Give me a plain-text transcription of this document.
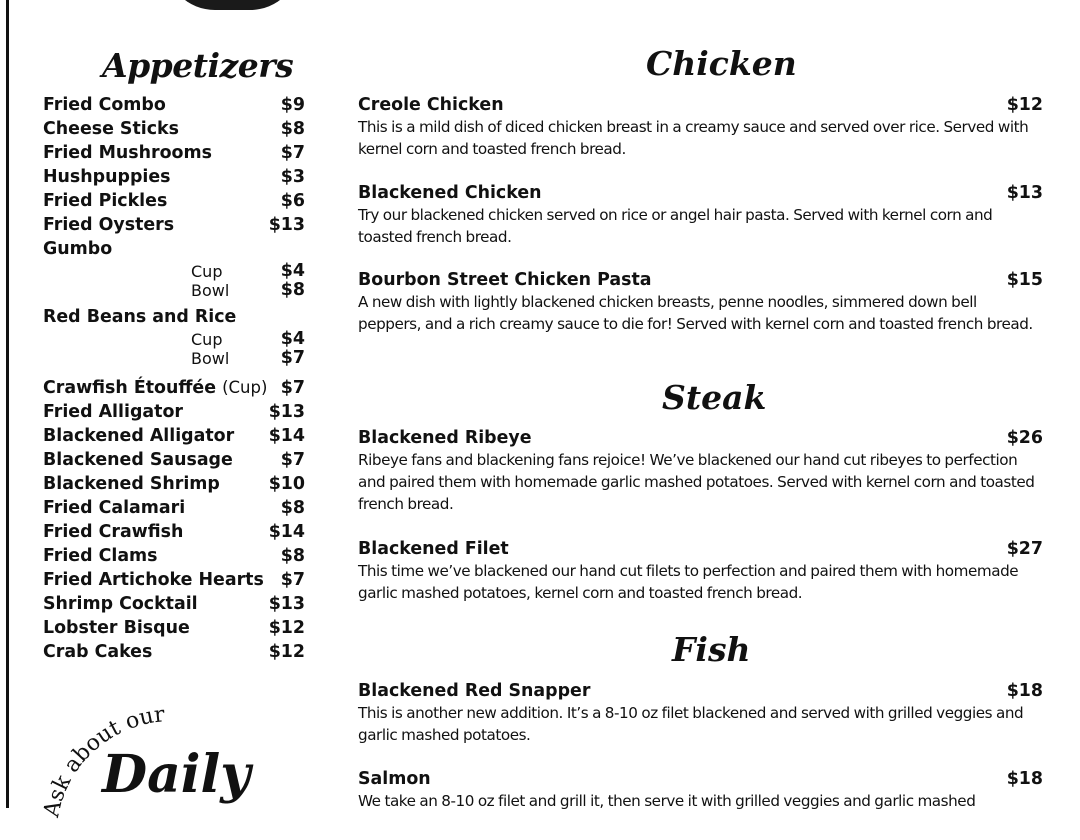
Appetizers
Fried Combo	$9
Cheese Sticks	$8
Fried Mushrooms	$7
Hushpuppies	$3
Fried Pickles	$6
Fried Oysters	$13
Gumbo
Cup	$4
Bowl	$8
Red Beans and Rice
Cup	$4
Bowl	$7
Crawfish Étouffée (Cup) $7
Fried Alligator	$13
Blackened Alligator $14
Blackened Sausage	$7
Blackened Shrimp	$10
Fried Calamari	$8
Fried Crawfish	$14
Fried Clams	$8
Fried Artichoke Hearts $7
Shrimp Cocktail	$13
Lobster Bisque	$12
Crab Cakes	$12
Ask about our
Daily
Chicken
Creole Chicken	$12

This is a mild dish of diced chicken breast in a creamy sauce and served over rice. Served with kernel corn and toasted french bread.

Blackened Chicken	$13

Try our blackened chicken served on rice or angel hair pasta. Served with kernel corn and toasted french bread.

Bourbon Street Chicken Pasta	$15

A new dish with lightly blackened chicken breasts, penne noodles, simmered down bell peppers, and a rich creamy sauce to die for! Served with kernel corn and toasted french bread.

Steak
Blackened Ribeye	$26

Ribeye fans and blackening fans rejoice! We’ve blackened our hand cut ribeyes to perfection and paired them with homemade garlic mashed potatoes. Served with kernel corn and toasted french bread.

Blackened Filet	$27

This time we’ve blackened our hand cut filets to perfection and paired them with homemade garlic mashed potatoes, kernel corn and toasted french bread.

Fish
Blackened Red Snapper	$18

This is another new addition. It’s a 8-10 oz filet blackened and served with grilled veggies and garlic mashed potatoes.

Salmon	$18

We take an 8-10 oz filet and grill it, then serve it with grilled veggies and garlic mashed
